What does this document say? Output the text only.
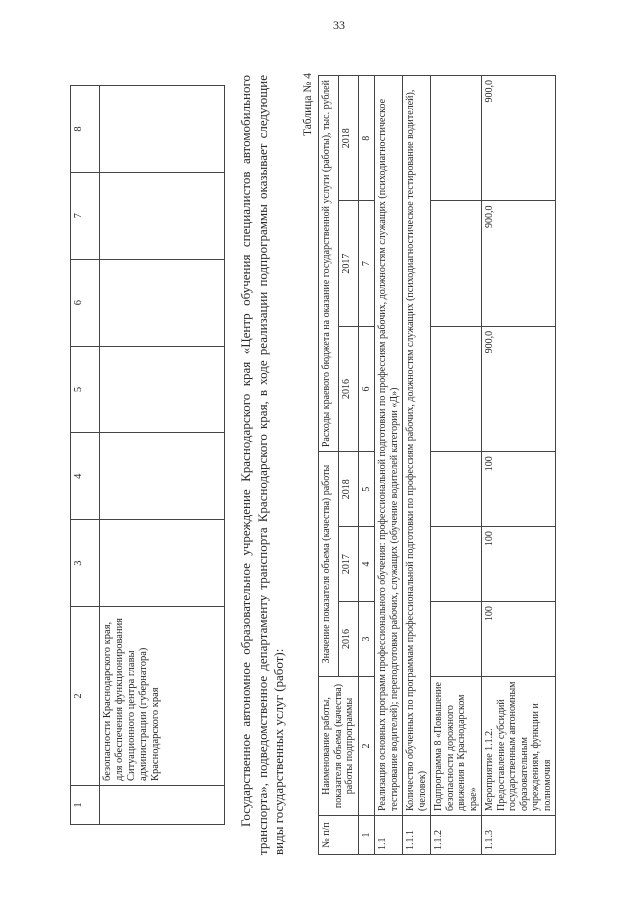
33
1	2	3	4	5	6	7	8
	безопасности Краснодарского края, для обеспечения функционирования Ситуационного центра главы администрации (губернатора) Краснодарского края							Государственное автономное образовательное учреждение Краснодарского края «Центр обучения специалистов автомобильного транспорта», подведомственное департаменту транспорта Краснодарского края, в ходе реализации подпрограммы оказывает следующие виды государственных услуг (работ):
Таблица № 4
№ п/п	Наименование работы, показателя объема (качества) работы подпрограммы	Значение показателя объема (качества) работы			Расходы краевого бюджета на оказание государственной услуги (работы), тыс. рублей		
		2016	2017	2018	2016	2017	2018
1	2	3	4	5	6	7	8
1.1	Реализация основных программ профессионального обучения: профессиональной подготовки по профессиям рабочих, должностям служащих (психодиагностическое тестирование водителей); переподготовки рабочих, служащих (обучение водителей категории «Д»)						
1.1.1	Количество обученных по программам профессиональной подготовки по профессиям рабочих, должностям служащих (психодиагностическое тестирование водителей), (человек)						
1.1.2	Подпрограмма 8 «Повышение безопасности дорожного движения в Краснодарском крае»						
1.1.3	Мероприятие 1.1.2. Предоставление субсидий государственным автономным образовательным учреждениям, функции и полномочия	100	100	100	900,0	900,0	900,0
